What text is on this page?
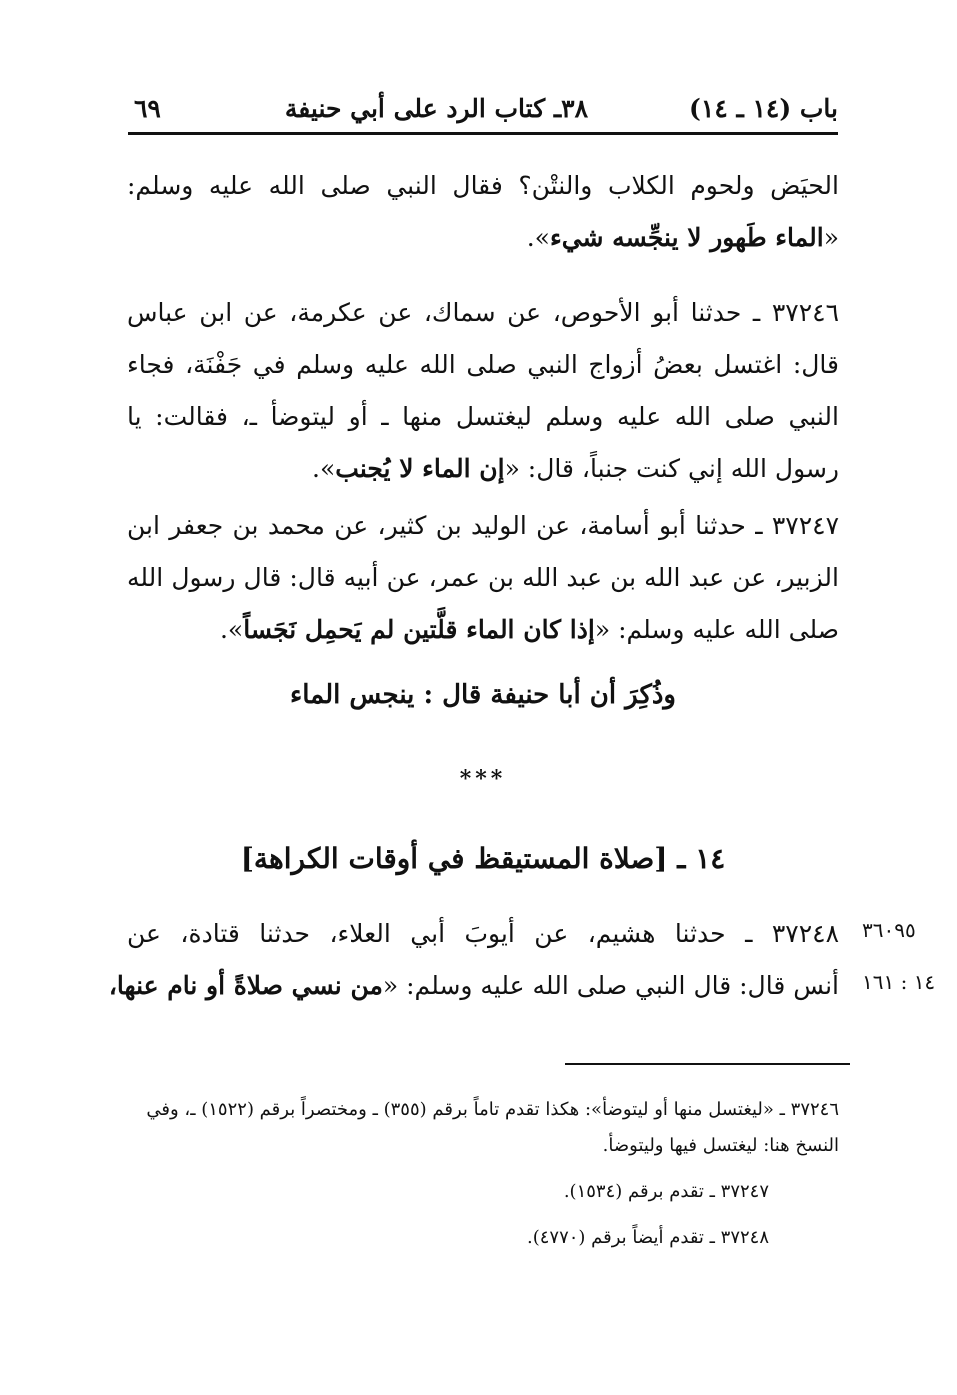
باب (١٤ ـ ١٤)
٣٨ـ كتاب الرد على أبي حنيفة
٦٩

الحيَض ولحوم الكلاب والنتْن؟ فقال النبي صلى الله عليه وسلم: «الماء طَهور لا ينجِّسه شيء».

٣٧٢٤٦ ـ حدثنا أبو الأحوص، عن سماك، عن عكرمة، عن ابن عباس قال: اغتسل بعضُ أزواج النبي صلى الله عليه وسلم في جَفْنَة، فجاء النبي صلى الله عليه وسلم ليغتسل منها ـ أو ليتوضأ ـ، فقالت: يا رسول الله إني كنت جنباً، قال: «إن الماء لا يُجنب».

٣٧٢٤٧ ـ حدثنا أبو أسامة، عن الوليد بن كثير، عن محمد بن جعفر ابن الزبير، عن عبد الله بن عبد الله بن عمر، عن أبيه قال: قال رسول الله صلى الله عليه وسلم: «إذا كان الماء قلَّتين لم يَحمِل نَجَساً».

وذُكِرَ أن أبا حنيفة قال : ينجس الماء
***
١٤ ـ [صلاة المستيقظ في أوقات الكراهة]
٣٦٠٩٥
١٤ : ١٦١
٣٧٢٤٨ ـ حدثنا هشيم، عن أيوبَ أبي العلاء، حدثنا قتادة، عن
أنس قال: قال النبي صلى الله عليه وسلم: «من نسي صلاةً أو نام عنها،

٣٧٢٤٦ ـ «ليغتسل منها أو ليتوضأ»: هكذا تقدم تاماً برقم (٣٥٥) ـ ومختصراً برقم (١٥٢٢) ـ، وفي النسخ هنا: ليغتسل فيها وليتوضأ.

٣٧٢٤٧ ـ تقدم برقم (١٥٣٤).

٣٧٢٤٨ ـ تقدم أيضاً برقم (٤٧٧٠).
